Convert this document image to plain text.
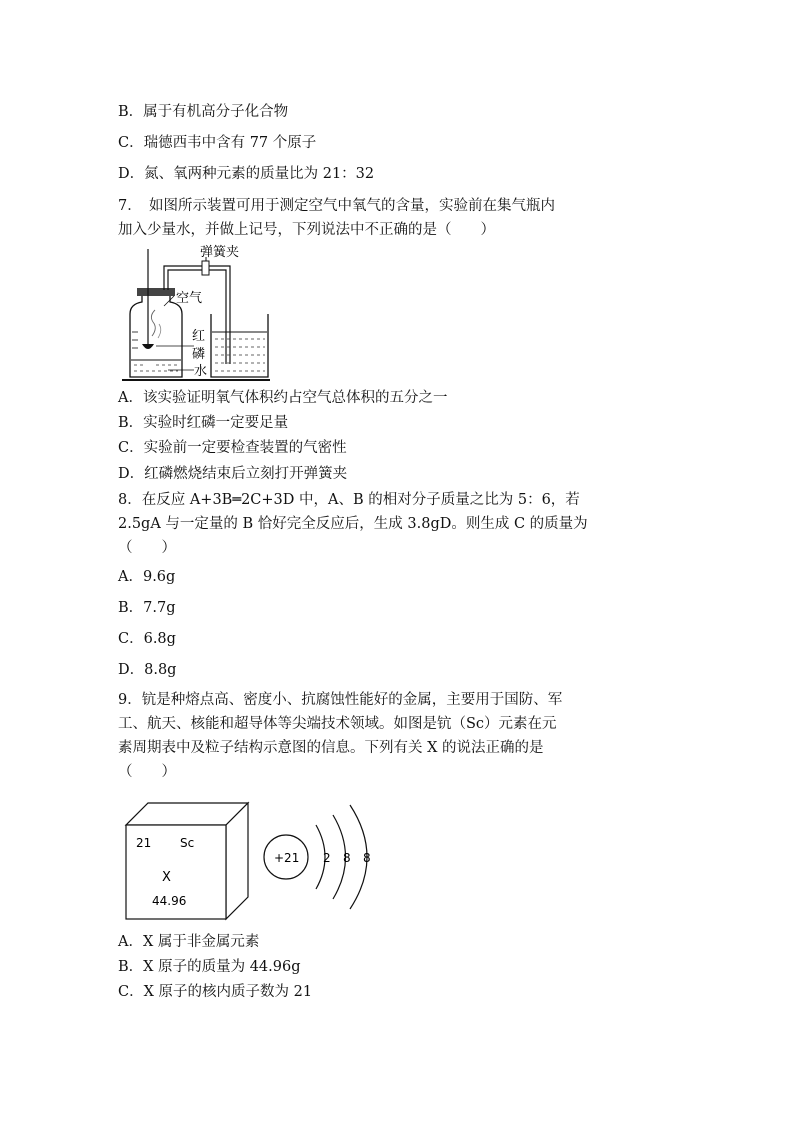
B．属于有机高分子化合物
C．瑞德西韦中含有 77 个原子
D．氮、氧两种元素的质量比为 21：32
7．　如图所示装置可用于测定空气中氧气的含量，实验前在集气瓶内
加入少量水，并做上记号，下列说法中不正确的是（　　）
弹簧夹
空气
红
磷
水
A．该实验证明氧气体积约占空气总体积的五分之一
B．实验时红磷一定要足量
C．实验前一定要检查装置的气密性
D．红磷燃烧结束后立刻打开弹簧夹
8．在反应 A+3B═2C+3D 中，A、B 的相对分子质量之比为 5：6，若
2.5gA 与一定量的 B 恰好完全反应后，生成 3.8gD。则生成 C 的质量为
（　　）
A．9.6g
B．7.7g
C．6.8g
D．8.8g
9．钪是种熔点高、密度小、抗腐蚀性能好的金属，主要用于国防、军
工、航天、核能和超导体等尖端技术领域。如图是钪（Sc）元素在元
素周期表中及粒子结构示意图的信息。下列有关 X 的说法正确的是
（　　）
21 Sc
X
44.96
+21 2 8 8
A．X 属于非金属元素
B．X 原子的质量为 44.96g
C．X 原子的核内质子数为 21
